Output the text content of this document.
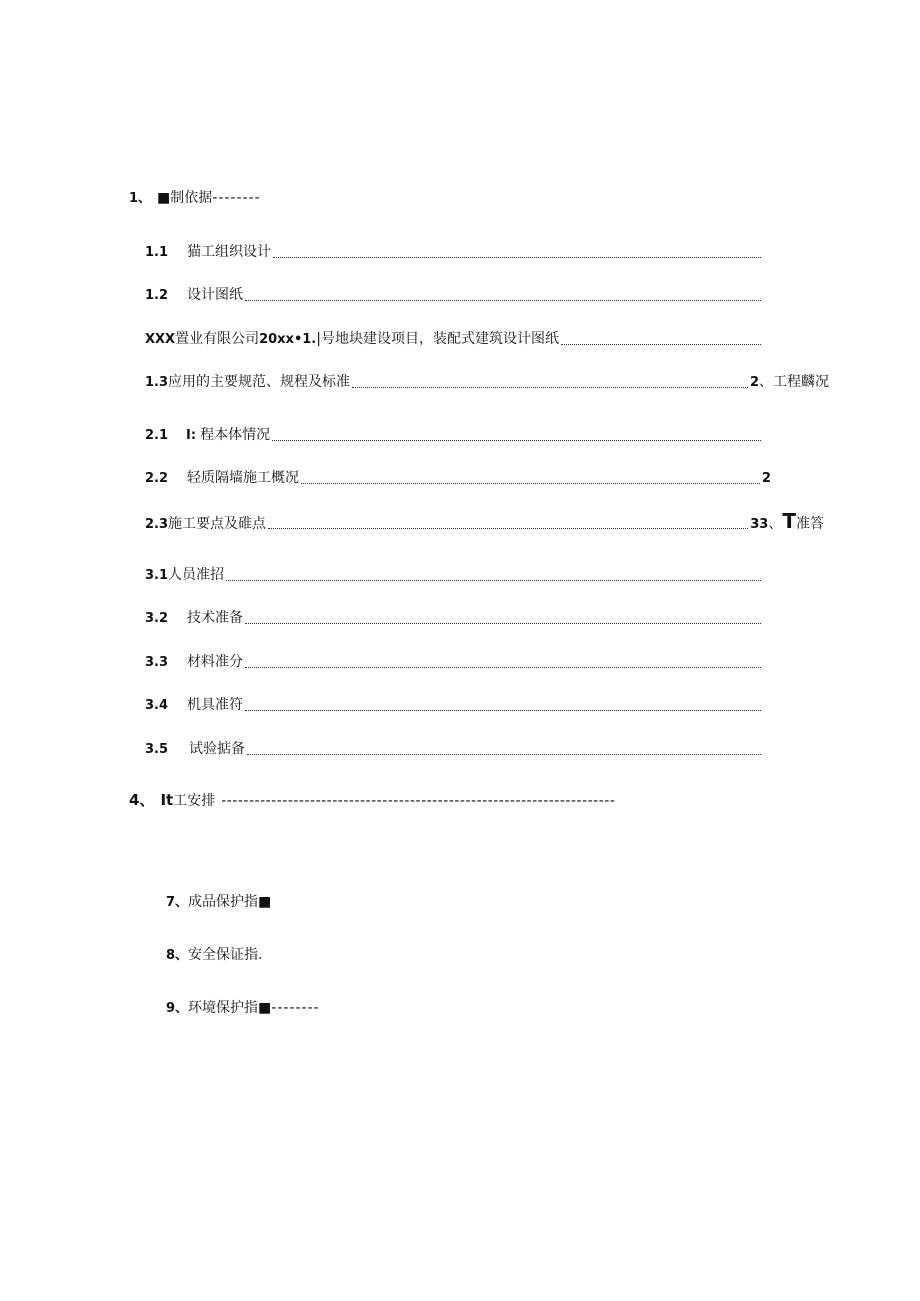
1、 ■制依据 --------
1.1 猫工组织设计
1.2 设计图纸
XXX 置业有限公司 20xx•1. |号地块建设项目，装配式建筑设计图纸
1.3 应用的主要规范、规程及标准	2 、工程麟况
2.1 I: 程本体情况
2.2 轻质隔墙施工概况	2
2.3 施工要点及碓点	33 、 T 准答
3.1 人员准招
3.2 技术准备
3.3 材料准分
3.4 机具准符
3.5 试验掂备
4、 It 工安排 -----------------------------------------------------------------------
7、 成品保护指■
8、 安全保证指.
9、 环境保护指■ --------
